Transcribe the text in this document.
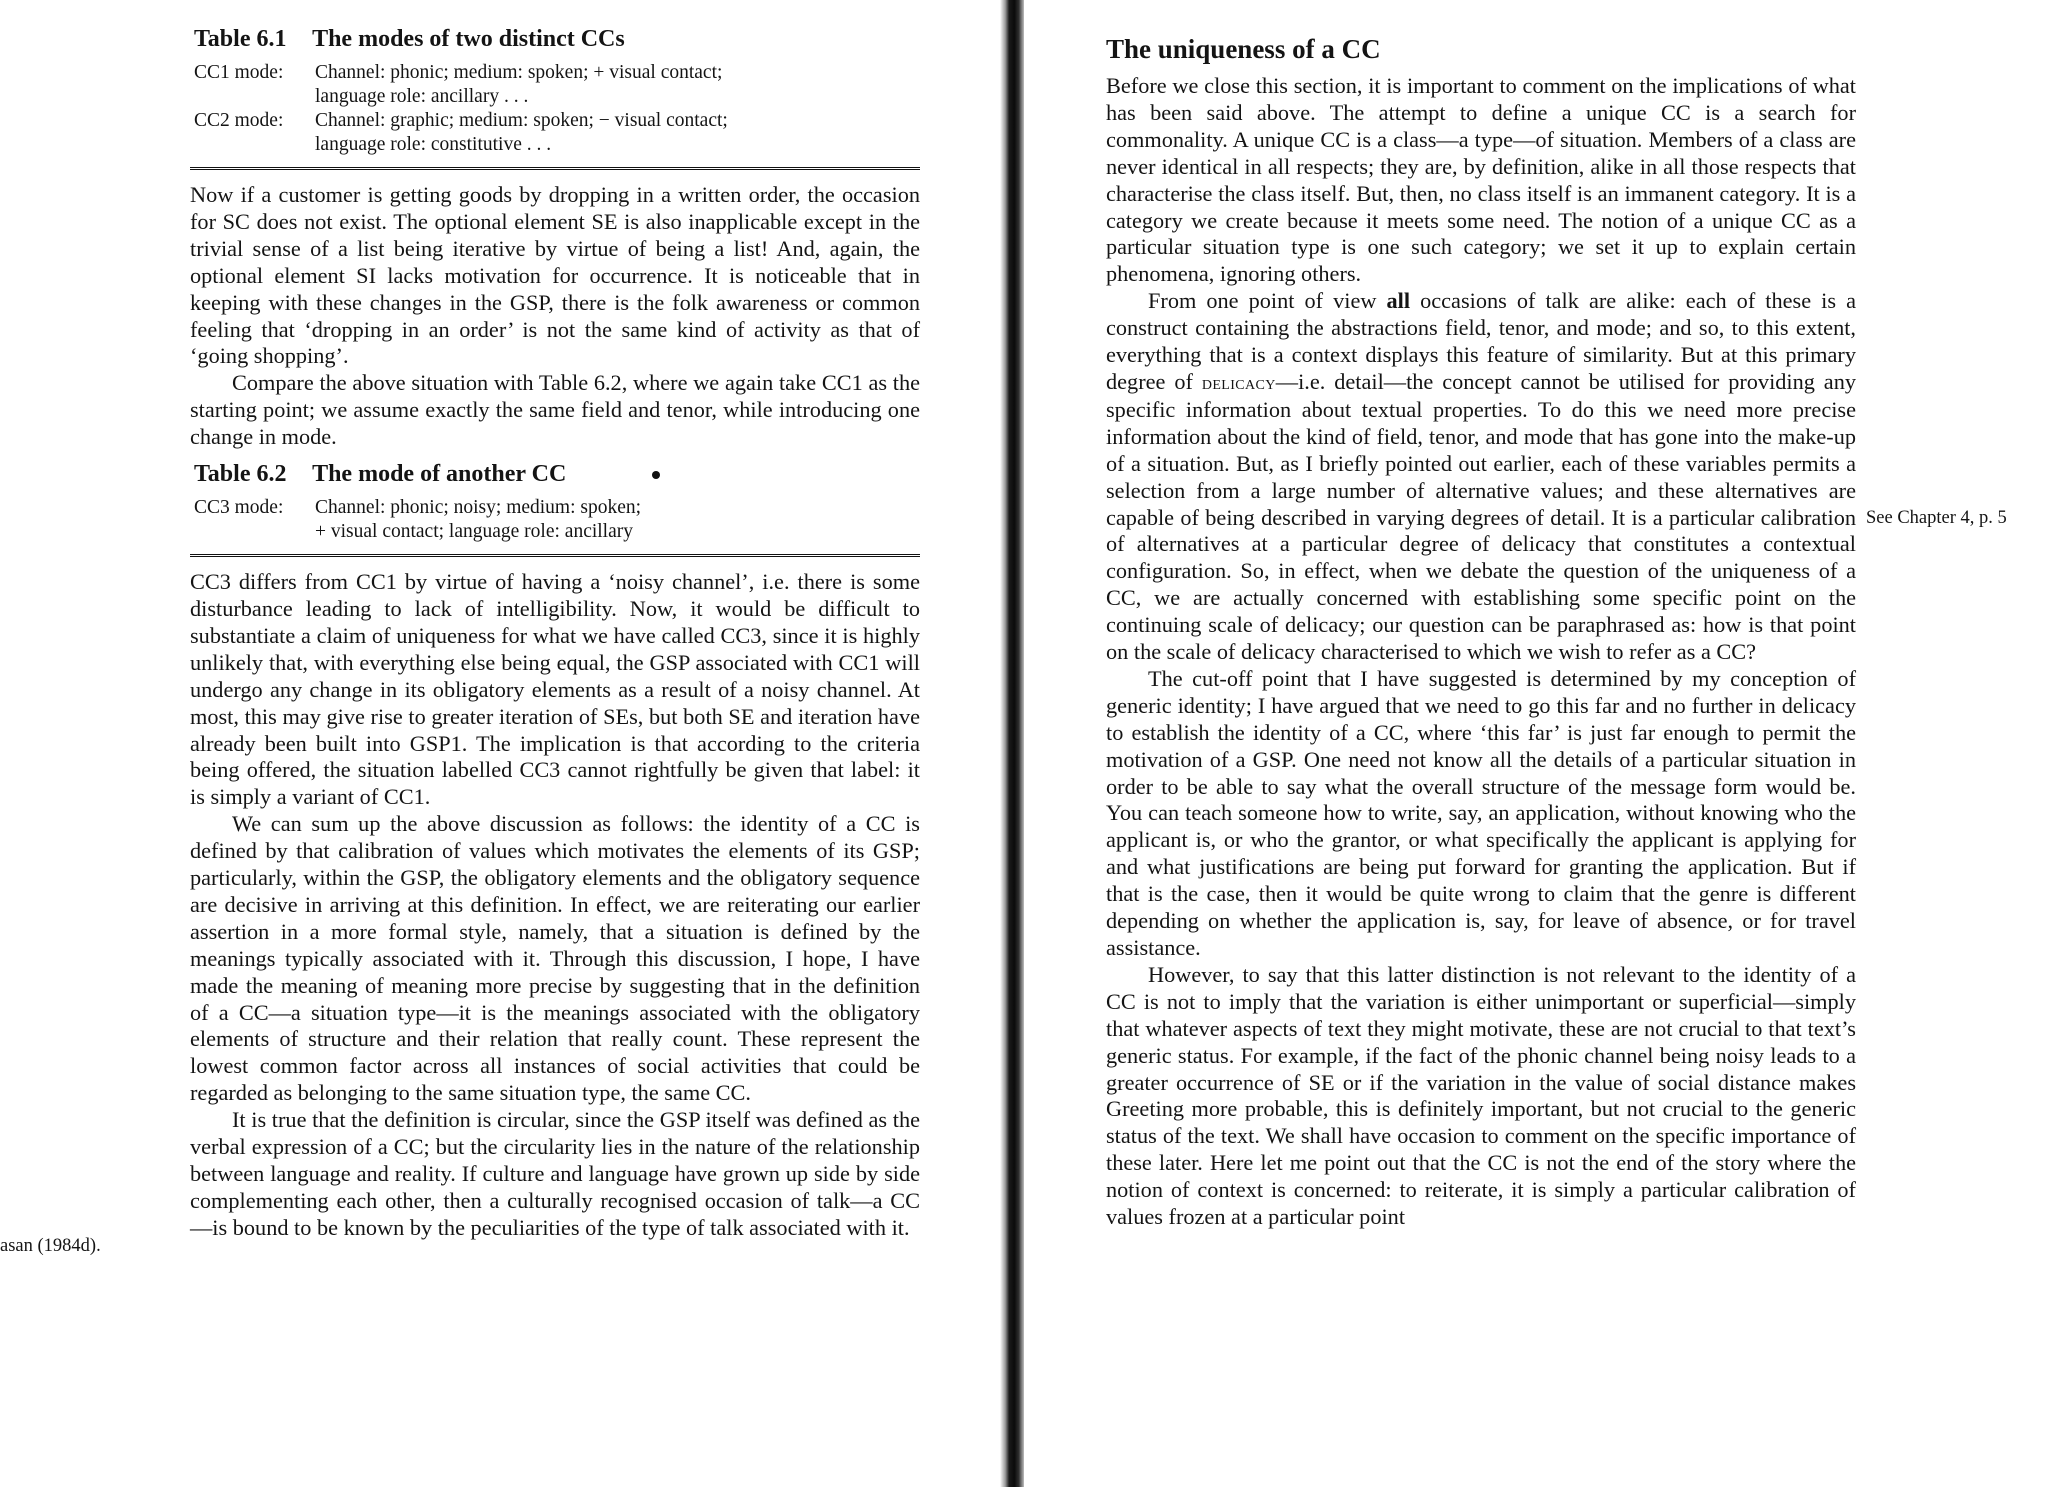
Table 6.1 The modes of two distinct CCs
CC1 mode:	Channel: phonic; medium: spoken; + visual contact;
language role: ancillary . . .
CC2 mode:	Channel: graphic; medium: spoken; − visual contact;
language role: constitutive . . .

Now if a customer is getting goods by dropping in a written order, the occasion for SC does not exist. The optional element SE is also inapplicable except in the trivial sense of a list being iterative by virtue of being a list! And, again, the optional element SI lacks motivation for occurrence. It is noticeable that in keeping with these changes in the GSP, there is the folk awareness or common feeling that ‘dropping in an order’ is not the same kind of activity as that of ‘going shopping’.

Compare the above situation with Table 6.2, where we again take CC1 as the starting point; we assume exactly the same field and tenor, while introducing one change in mode.

Table 6.2 The mode of another CC
CC3 mode:	Channel: phonic; noisy; medium: spoken;
+ visual contact; language role: ancillary

CC3 differs from CC1 by virtue of having a ‘noisy channel’, i.e. there is some disturbance leading to lack of intelligibility. Now, it would be difficult to substantiate a claim of uniqueness for what we have called CC3, since it is highly unlikely that, with everything else being equal, the GSP associated with CC1 will undergo any change in its obligatory elements as a result of a noisy channel. At most, this may give rise to greater iteration of SEs, but both SE and iteration have already been built into GSP1. The implication is that according to the criteria being offered, the situation labelled CC3 cannot rightfully be given that label: it is simply a variant of CC1.

We can sum up the above discussion as follows: the identity of a CC is defined by that calibration of values which motivates the elements of its GSP; particularly, within the GSP, the obligatory elements and the obligatory sequence are decisive in arriving at this definition. In effect, we are reiterating our earlier assertion in a more formal style, namely, that a situation is defined by the meanings typically associated with it. Through this discussion, I hope, I have made the meaning of meaning more precise by suggesting that in the definition of a CC—a situation type—it is the meanings associated with the obligatory elements of structure and their relation that really count. These represent the lowest common factor across all instances of social activities that could be regarded as belonging to the same situation type, the same CC.

It is true that the definition is circular, since the GSP itself was defined as the verbal expression of a CC; but the circularity lies in the nature of the relationship between language and reality. If culture and language have grown up side by side complementing each other, then a culturally recognised occasion of talk—a CC—is bound to be known by the peculiarities of the type of talk associated with it.

asan (1984d).
The uniqueness of a CC

Before we close this section, it is important to comment on the implications of what has been said above. The attempt to define a unique CC is a search for commonality. A unique CC is a class—a type—of situation. Members of a class are never identical in all respects; they are, by definition, alike in all those respects that characterise the class itself. But, then, no class itself is an immanent category. It is a category we create because it meets some need. The notion of a unique CC as a particular situation type is one such category; we set it up to explain certain phenomena, ignoring others.

From one point of view all occasions of talk are alike: each of these is a construct containing the abstractions field, tenor, and mode; and so, to this extent, everything that is a context displays this feature of similarity. But at this primary degree of delicacy—i.e. detail—the concept cannot be utilised for providing any specific information about textual properties. To do this we need more precise information about the kind of field, tenor, and mode that has gone into the make-up of a situation. But, as I briefly pointed out earlier, each of these variables permits a selection from a large number of alternative values; and these alternatives are capable of being described in varying degrees of detail. It is a particular calibration of alternatives at a particular degree of delicacy that constitutes a contextual configuration. So, in effect, when we debate the question of the uniqueness of a CC, we are actually concerned with establishing some specific point on the continuing scale of delicacy; our question can be paraphrased as: how is that point on the scale of delicacy characterised to which we wish to refer as a CC?

The cut-off point that I have suggested is determined by my conception of generic identity; I have argued that we need to go this far and no further in delicacy to establish the identity of a CC, where ‘this far’ is just far enough to permit the motivation of a GSP. One need not know all the details of a particular situation in order to be able to say what the overall structure of the message form would be. You can teach someone how to write, say, an application, without knowing who the applicant is, or who the grantor, or what specifically the applicant is applying for and what justifications are being put forward for granting the application. But if that is the case, then it would be quite wrong to claim that the genre is different depending on whether the application is, say, for leave of absence, or for travel assistance.

However, to say that this latter distinction is not relevant to the identity of a CC is not to imply that the variation is either unimportant or superficial—simply that whatever aspects of text they might motivate, these are not crucial to that text’s generic status. For example, if the fact of the phonic channel being noisy leads to a greater occurrence of SE or if the variation in the value of social distance makes Greeting more probable, this is definitely important, but not crucial to the generic status of the text. We shall have occasion to comment on the specific importance of these later. Here let me point out that the CC is not the end of the story where the notion of context is concerned: to reiterate, it is simply a particular calibration of values frozen at a particular point

See Chapter 4, p. 5
